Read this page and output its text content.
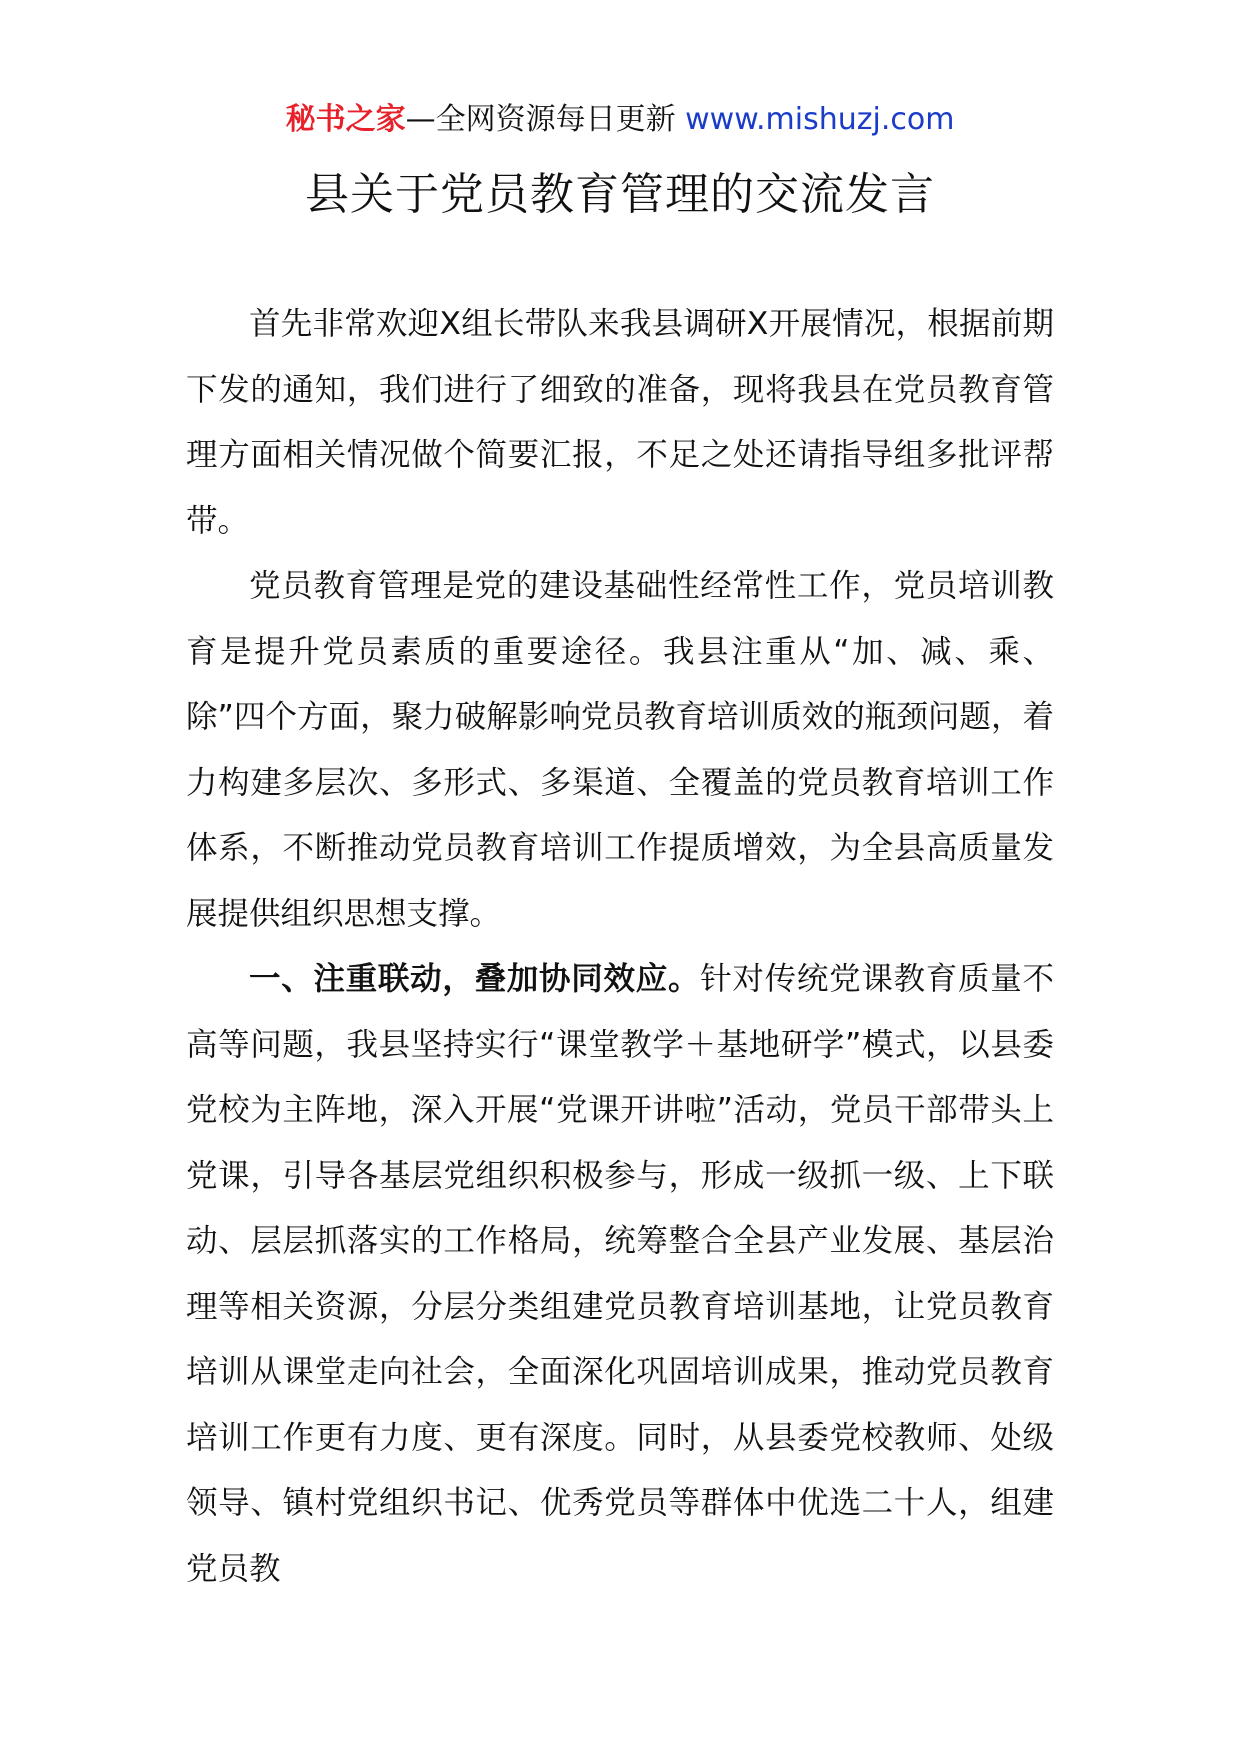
秘书之家—全网资源每日更新 www.mishuzj.com
县关于党员教育管理的交流发言

首先非常欢迎X组长带队来我县调研X开展情况，根据前期下发的通知，我们进行了细致的准备，现将我县在党员教育管理方面相关情况做个简要汇报，不足之处还请指导组多批评帮带。

党员教育管理是党的建设基础性经常性工作，党员培训教育是提升党员素质的重要途径。我县注重从“加、减、乘、除”四个方面，聚力破解影响党员教育培训质效的瓶颈问题，着力构建多层次、多形式、多渠道、全覆盖的党员教育培训工作体系，不断推动党员教育培训工作提质增效，为全县高质量发展提供组织思想支撑。

一、注重联动，叠加协同效应。针对传统党课教育质量不高等问题，我县坚持实行“课堂教学＋基地研学”模式，以县委党校为主阵地，深入开展“党课开讲啦”活动，党员干部带头上党课，引导各基层党组织积极参与，形成一级抓一级、上下联动、层层抓落实的工作格局，统筹整合全县产业发展、基层治理等相关资源，分层分类组建党员教育培训基地，让党员教育培训从课堂走向社会，全面深化巩固培训成果，推动党员教育培训工作更有力度、更有深度。同时，从县委党校教师、处级领导、镇村党组织书记、优秀党员等群体中优选二十人，组建党员教
